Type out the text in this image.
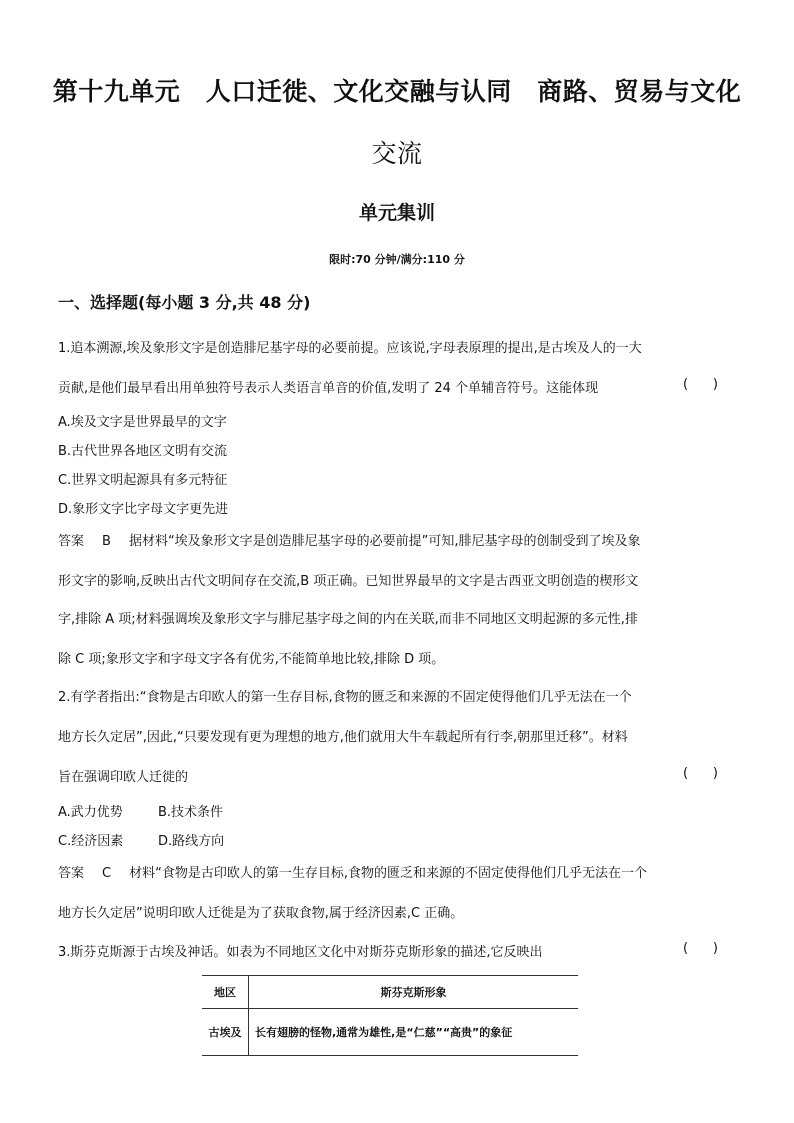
第十九单元　人口迁徙、文化交融与认同　商路、贸易与文化
交流
单元集训
限时:70 分钟/满分:110 分
一、选择题(每小题 3 分,共 48 分)
1.追本溯源,埃及象形文字是创造腓尼基字母的必要前提。应该说,字母表原理的提出,是古埃及人的一大
贡献,是他们最早看出用单独符号表示人类语言单音的价值,发明了 24 个单辅音符号。这能体现	(      )
A.埃及文字是世界最早的文字
B.古代世界各地区文明有交流
C.世界文明起源具有多元特征
D.象形文字比字母文字更先进
答案 B 据材料“埃及象形文字是创造腓尼基字母的必要前提”可知,腓尼基字母的创制受到了埃及象
形文字的影响,反映出古代文明间存在交流,B 项正确。已知世界最早的文字是古西亚文明创造的楔形文
字,排除 A 项;材料强调埃及象形文字与腓尼基字母之间的内在关联,而非不同地区文明起源的多元性,排
除 C 项;象形文字和字母文字各有优劣,不能简单地比较,排除 D 项。
2.有学者指出:“食物是古印欧人的第一生存目标,食物的匮乏和来源的不固定使得他们几乎无法在一个
地方长久定居”,因此,“只要发现有更为理想的地方,他们就用大牛车载起所有行李,朝那里迁移”。材料
旨在强调印欧人迁徙的	(      )
A.武力优势	B.技术条件
C.经济因素	D.路线方向
答案 C 材料“食物是古印欧人的第一生存目标,食物的匮乏和来源的不固定使得他们几乎无法在一个
地方长久定居”说明印欧人迁徙是为了获取食物,属于经济因素,C 正确。
3.斯芬克斯源于古埃及神话。如表为不同地区文化中对斯芬克斯形象的描述,它反映出	(      )
地区	斯芬克斯形象
古埃及	长有翅膀的怪物,通常为雄性,是“仁慈”“高贵”的象征
